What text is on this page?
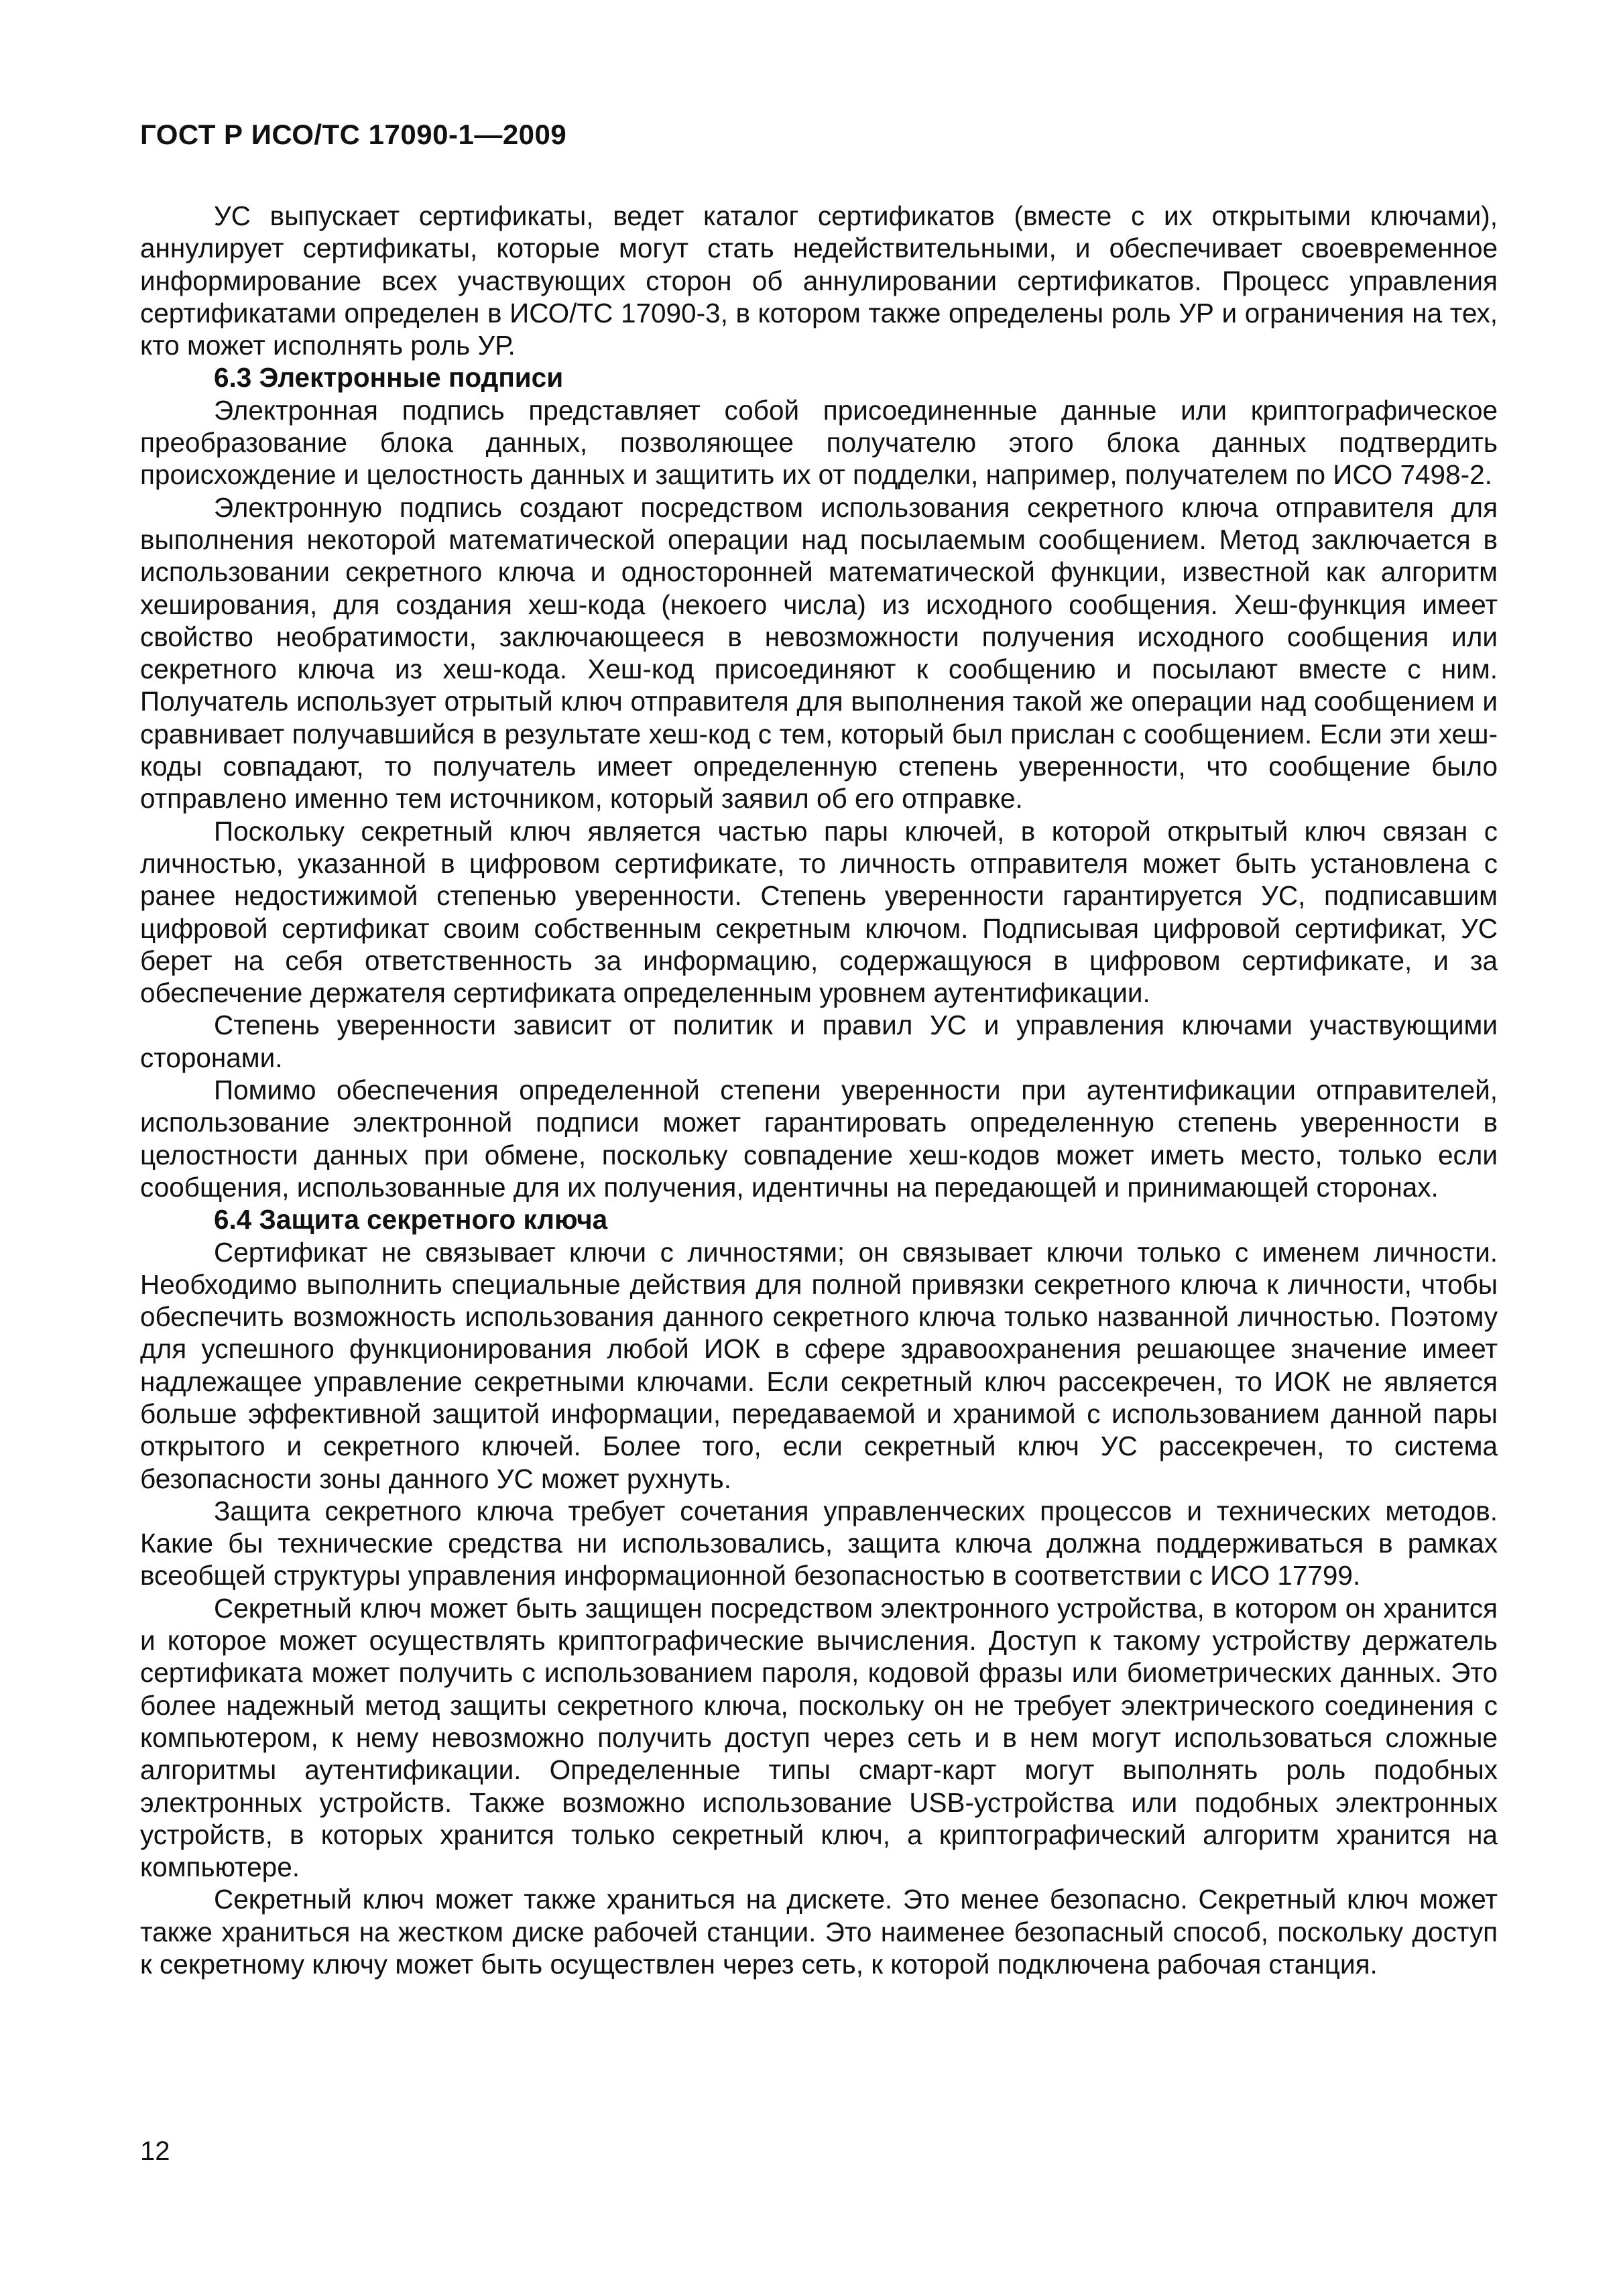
ГОСТ Р ИСО/ТС 17090-1—2009

УС выпускает сертификаты, ведет каталог сертификатов (вместе с их открытыми ключами), аннулирует сертификаты, которые могут стать недействительными, и обеспечивает своевременное информирование всех участвующих сторон об аннулировании сертификатов. Процесс управления сертификатами определен в ИСО/ТС 17090-3, в котором также определены роль УР и ограничения на тех, кто может исполнять роль УР.

6.3 Электронные подписи

Электронная подпись представляет собой присоединенные данные или криптографическое преобразование блока данных, позволяющее получателю этого блока данных подтвердить происхождение и целостность данных и защитить их от подделки, например, получателем по ИСО 7498-2.

Электронную подпись создают посредством использования секретного ключа отправителя для выполнения некоторой математической операции над посылаемым сообщением. Метод заключается в использовании секретного ключа и односторонней математической функции, известной как алгоритм хеширования, для создания хеш-кода (некоего числа) из исходного сообщения. Хеш-функция имеет свойство необратимости, заключающееся в невозможности получения исходного сообщения или секретного ключа из хеш-кода. Хеш-код присоединяют к сообщению и посылают вместе с ним. Получатель использует отрытый ключ отправителя для выполнения такой же операции над сообщением и сравнивает получавшийся в результате хеш-код с тем, который был прислан с сообщением. Если эти хеш-коды совпадают, то получатель имеет определенную степень уверенности, что сообщение было отправлено именно тем источником, который заявил об его отправке.

Поскольку секретный ключ является частью пары ключей, в которой открытый ключ связан с личностью, указанной в цифровом сертификате, то личность отправителя может быть установлена с ранее недостижимой степенью уверенности. Степень уверенности гарантируется УС, подписавшим цифровой сертификат своим собственным секретным ключом. Подписывая цифровой сертификат, УС берет на себя ответственность за информацию, содержащуюся в цифровом сертификате, и за обеспечение держателя сертификата определенным уровнем аутентификации.

Степень уверенности зависит от политик и правил УС и управления ключами участвующими сторонами.

Помимо обеспечения определенной степени уверенности при аутентификации отправителей, использование электронной подписи может гарантировать определенную степень уверенности в целостности данных при обмене, поскольку совпадение хеш-кодов может иметь место, только если сообщения, использованные для их получения, идентичны на передающей и принимающей сторонах.

6.4 Защита секретного ключа

Сертификат не связывает ключи с личностями; он связывает ключи только с именем личности. Необходимо выполнить специальные действия для полной привязки секретного ключа к личности, чтобы обеспечить возможность использования данного секретного ключа только названной личностью. Поэтому для успешного функционирования любой ИОК в сфере здравоохранения решающее значение имеет надлежащее управление секретными ключами. Если секретный ключ рассекречен, то ИОК не является больше эффективной защитой информации, передаваемой и хранимой с использованием данной пары открытого и секретного ключей. Более того, если секретный ключ УС рассекречен, то система безопасности зоны данного УС может рухнуть.

Защита секретного ключа требует сочетания управленческих процессов и технических методов. Какие бы технические средства ни использовались, защита ключа должна поддерживаться в рамках всеобщей структуры управления информационной безопасностью в соответствии с ИСО 17799.

Секретный ключ может быть защищен посредством электронного устройства, в котором он хранится и которое может осуществлять криптографические вычисления. Доступ к такому устройству держатель сертификата может получить с использованием пароля, кодовой фразы или биометрических данных. Это более надежный метод защиты секретного ключа, поскольку он не требует электрического соединения с компьютером, к нему невозможно получить доступ через сеть и в нем могут использоваться сложные алгоритмы аутентификации. Определенные типы смарт-карт могут выполнять роль подобных электронных устройств. Также возможно использование USB-устройства или подобных электронных устройств, в которых хранится только секретный ключ, а криптографический алгоритм хранится на компьютере.

Секретный ключ может также храниться на дискете. Это менее безопасно. Секретный ключ может также храниться на жестком диске рабочей станции. Это наименее безопасный способ, поскольку доступ к секретному ключу может быть осуществлен через сеть, к которой подключена рабочая станция.

12
